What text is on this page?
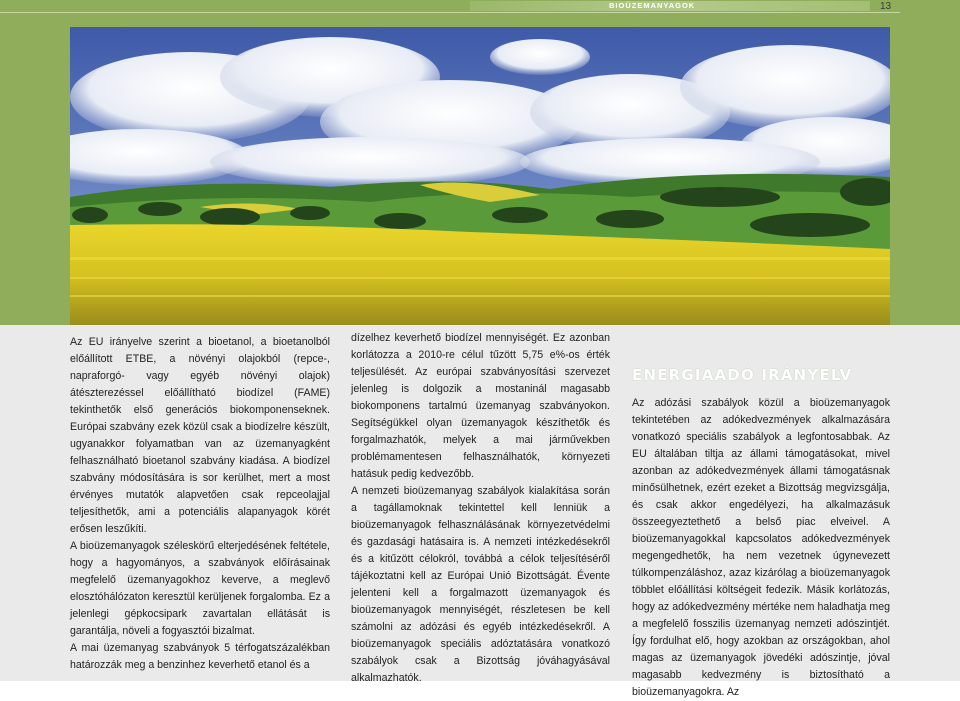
BIOÜZEMANYAGOK	13

Az EU irányelve szerint a bioetanol, a bioetanolból előállított ETBE, a növényi olajokból (repce-, napraforgó- vagy egyéb növényi olajok) átészterezéssel előállítható biodízel (FAME) tekinthetők első generációs biokomponenseknek. Európai szabvány ezek közül csak a biodízelre készült, ugyanakkor folyamatban van az üzemanyagként felhasználható bioetanol szabvány kiadása. A biodízel szabvány módosítására is sor kerülhet, mert a most érvényes mutatók alapvetően csak repceolajjal teljesíthetők, ami a potenciális alapanyagok körét erősen leszűkíti.

A bioüzemanyagok széleskörű elterjedésének feltétele, hogy a hagyományos, a szabványok előírásainak megfelelő üzemanyagokhoz keverve, a meglevő elosztóhálózaton keresztül kerüljenek forgalomba. Ez a jelenlegi gépkocsipark zavartalan ellátását is garantálja, növeli a fogyasztói bizalmat.

A mai üzemanyag szabványok 5 térfogatszázalékban határozzák meg a benzinhez keverhető etanol és a

dízelhez keverhető biodízel mennyiségét. Ez azonban korlátozza a 2010-re célul tűzött 5,75 e%-os érték teljesülését. Az európai szabványosítási szervezet jelenleg is dolgozik a mostaninál magasabb biokomponens tartalmú üzemanyag szabványokon. Segítségükkel olyan üzemanyagok készíthetők és forgalmazhatók, melyek a mai járművekben problémamentesen felhasználhatók, környezeti hatásuk pedig kedvezőbb.

A nemzeti bioüzemanyag szabályok kialakítása során a tagállamoknak tekintettel kell lenniük a bioüzemanyagok felhasználásának környezetvédelmi és gazdasági hatásaira is. A nemzeti intézkedésekről és a kitűzött célokról, továbbá a célok teljesítéséről tájékoztatni kell az Európai Unió Bizottságát. Évente jelenteni kell a forgalmazott üzemanyagok és bioüzemanyagok mennyiségét, részletesen be kell számolni az adózási és egyéb intézkedésekről. A bioüzemanyagok speciális adóztatására vonatkozó szabályok csak a Bizottság jóváhagyásával alkalmazhatók.

ENERGIAADÓ IRÁNYELV

Az adózási szabályok közül a bioüzemanyagok tekintetében az adókedvezmények alkalmazására vonatkozó speciális szabályok a legfontosabbak. Az EU általában tiltja az állami támogatásokat, mivel azonban az adókedvezmények állami támogatásnak minősülhetnek, ezért ezeket a Bizottság megvizsgálja, és csak akkor engedélyezi, ha alkalmazásuk összeegyeztethető a belső piac elveivel. A bioüzemanyagokkal kapcsolatos adókedvezmények megengedhetők, ha nem vezetnek úgynevezett túlkompenzáláshoz, azaz kizárólag a bioüzemanyagok többlet előállítási költségeit fedezik. Másik korlátozás, hogy az adókedvezmény mértéke nem haladhatja meg a megfelelő fosszilis üzemanyag nemzeti adószintjét. Így fordulhat elő, hogy azokban az országokban, ahol magas az üzemanyagok jövedéki adószintje, jóval magasabb kedvezmény is biztosítható a bioüzemanyagokra. Az
